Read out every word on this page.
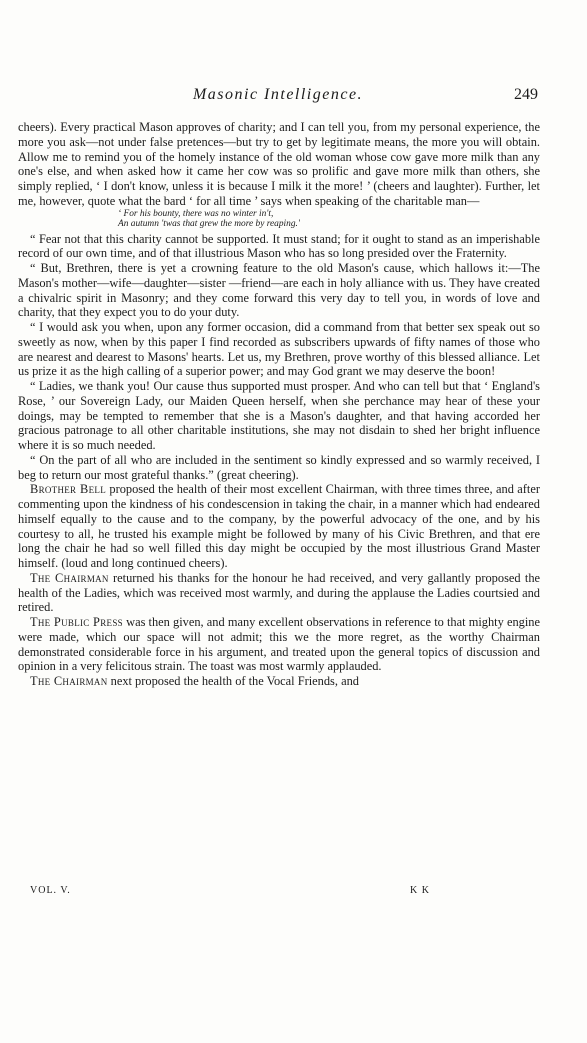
Masonic Intelligence.	249

cheers). Every practical Mason approves of charity; and I can tell you, from my personal experience, the more you ask—not under false pretences—but try to get by legitimate means, the more you will obtain. Allow me to remind you of the homely instance of the old woman whose cow gave more milk than any one's else, and when asked how it came her cow was so prolific and gave more milk than others, she simply replied, ‘ I don't know, unless it is because I milk it the more! ’ (cheers and laughter). Further, let me, however, quote what the bard ‘ for all time ’ says when speaking of the charitable man—

‘ For his bounty, there was no winter in't,
An autumn 'twas that grew the more by reaping.'

“ Fear not that this charity cannot be supported. It must stand; for it ought to stand as an imperishable record of our own time, and of that illustrious Mason who has so long presided over the Fraternity.

“ But, Brethren, there is yet a crowning feature to the old Mason's cause, which hallows it:—The Mason's mother—wife—daughter—sister —friend—are each in holy alliance with us. They have created a chivalric spirit in Masonry; and they come forward this very day to tell you, in words of love and charity, that they expect you to do your duty.

“ I would ask you when, upon any former occasion, did a command from that better sex speak out so sweetly as now, when by this paper I find recorded as subscribers upwards of fifty names of those who are nearest and dearest to Masons' hearts. Let us, my Brethren, prove worthy of this blessed alliance. Let us prize it as the high calling of a superior power; and may God grant we may deserve the boon!

“ Ladies, we thank you! Our cause thus supported must prosper. And who can tell but that ‘ England's Rose, ’ our Sovereign Lady, our Maiden Queen herself, when she perchance may hear of these your doings, may be tempted to remember that she is a Mason's daughter, and that having accorded her gracious patronage to all other charitable institutions, she may not disdain to shed her bright influence where it is so much needed.

“ On the part of all who are included in the sentiment so kindly expressed and so warmly received, I beg to return our most grateful thanks.” (great cheering).

Brother Bell proposed the health of their most excellent Chairman, with three times three, and after commenting upon the kindness of his condescension in taking the chair, in a manner which had endeared himself equally to the cause and to the company, by the powerful advocacy of the one, and by his courtesy to all, he trusted his example might be followed by many of his Civic Brethren, and that ere long the chair he had so well filled this day might be occupied by the most illustrious Grand Master himself. (loud and long continued cheers).

The Chairman returned his thanks for the honour he had received, and very gallantly proposed the health of the Ladies, which was received most warmly, and during the applause the Ladies courtsied and retired.

The Public Press was then given, and many excellent observations in reference to that mighty engine were made, which our space will not admit; this we the more regret, as the worthy Chairman demonstrated considerable force in his argument, and treated upon the general topics of discussion and opinion in a very felicitous strain. The toast was most warmly applauded.

The Chairman next proposed the health of the Vocal Friends, and

VOL. V.	K K
